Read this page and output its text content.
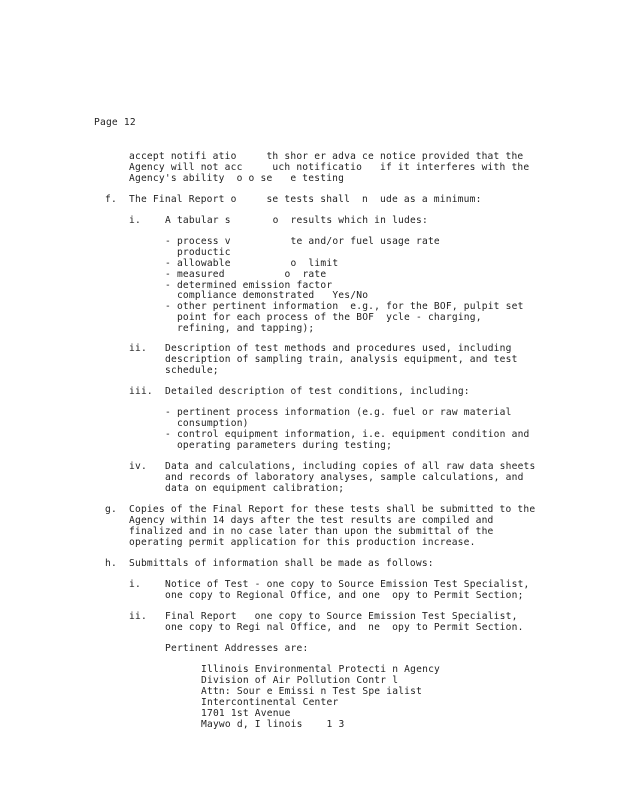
Page 12
accept notifi atio     th shor er adva ce notice provided that the
Agency will not acc     uch notificatio   if it interferes with the
Agency's ability  o o se   e testing
f. The Final Report o     se tests shall  n  ude as a minimum:
i.	A tabular s       o  results which in ludes:
- process v          te and/or fuel usage rate
productic
- allowable          o  limit
- measured          o  rate
- determined emission factor
compliance demonstrated   Yes/No
- other pertinent information  e.g., for the BOF, pulpit set
point for each process of the BOF  ycle - charging,
refining, and tapping);
ii. Description of test methods and procedures used, including
description of sampling train, analysis equipment, and test
schedule;
iii. Detailed description of test conditions, including:
- pertinent process information (e.g. fuel or raw material
consumption)
- control equipment information, i.e. equipment condition and
operating parameters during testing;
iv. Data and calculations, including copies of all raw data sheets
and records of laboratory analyses, sample calculations, and
data on equipment calibration;
g. Copies of the Final Report for these tests shall be submitted to the
Agency within 14 days after the test results are compiled and
finalized and in no case later than upon the submittal of the
operating permit application for this production increase.
h. Submittals of information shall be made as follows:
i.	Notice of Test - one copy to Source Emission Test Specialist,
one copy to Regional Office, and one  opy to Permit Section;
ii. Final Report   one copy to Source Emission Test Specialist,
one copy to Regi nal Office, and  ne  opy to Permit Section.
Pertinent Addresses are:
Illinois Environmental Protecti n Agency
Division of Air Pollution Contr l
Attn: Sour e Emissi n Test Spe ialist
Intercontinental Center
1701 1st Avenue
Maywo d, I linois    1 3
